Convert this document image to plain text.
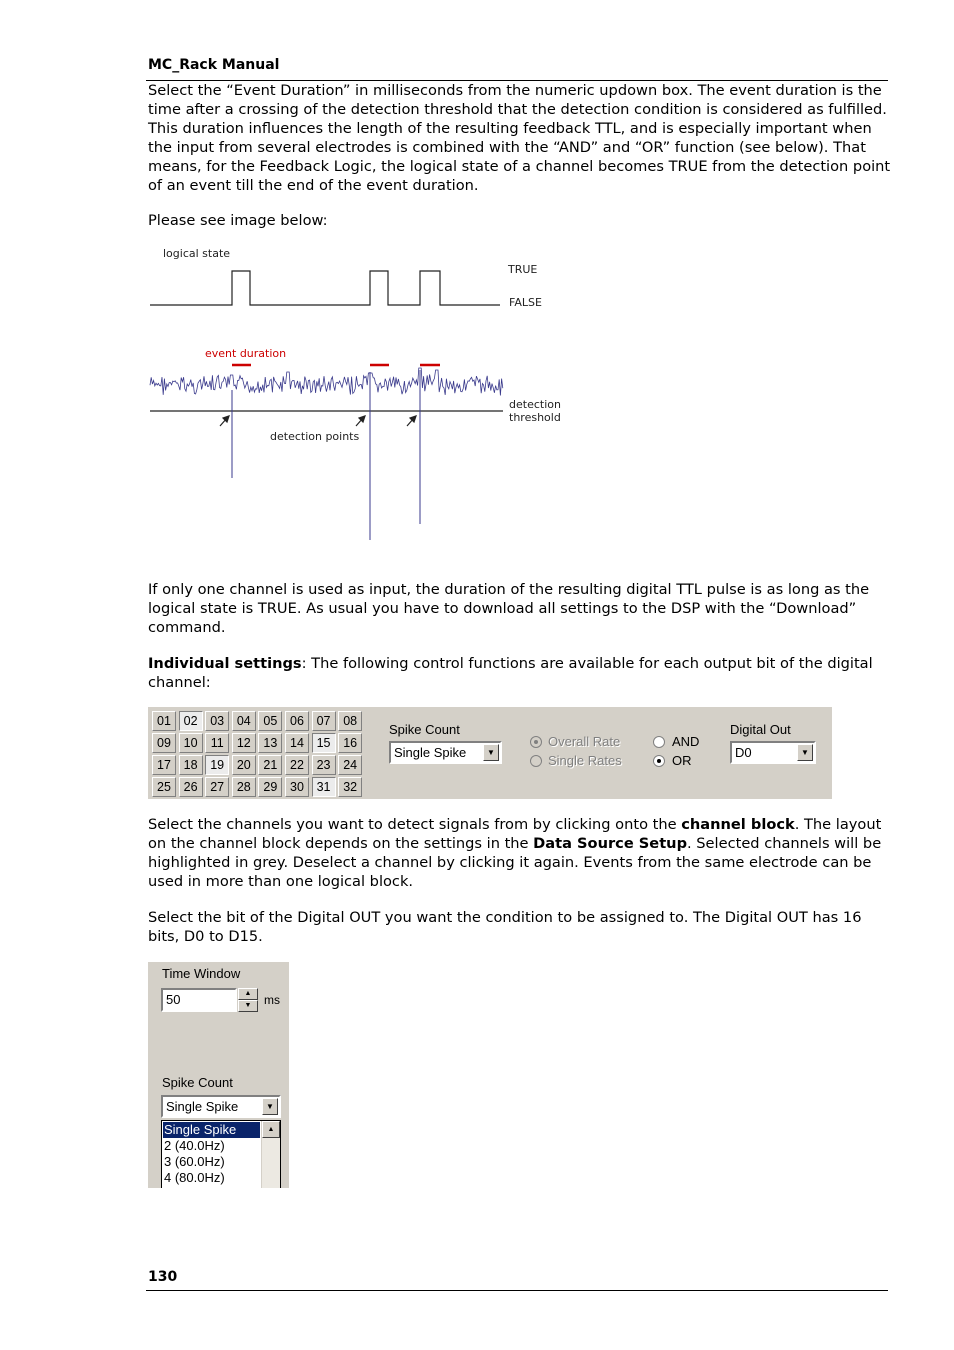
MC_Rack Manual
Select the “Event Duration” in milliseconds from the numeric updown box. The event duration is the time after a crossing of the detection threshold that the detection condition is considered as fulfilled. This duration influences the length of the resulting feedback TTL, and is especially important when the input from several electrodes is combined with the “AND” and “OR” function (see below). That means, for the Feedback Logic, the logical state of a channel becomes TRUE from the detection point of an event till the end of the event duration.
Please see image below:
logical state
TRUE
FALSE
event duration
detection
threshold
detection points
If only one channel is used as input, the duration of the resulting digital TTL pulse is as long as the logical state is TRUE. As usual you have to download all settings to the DSP with the “Download” command.
Individual settings: The following control functions are available for each output bit of the digital channel:
01	02	03	04	05	06	07	08
09	10	11	12	13	14	15	16
17	18	19	20	21	22	23	24
25	26	27	28	29	30	31	32
Spike Count
Single Spike	▼
Overall Rate
Single Rates
AND
OR
Digital Out
D0	▼
Select the channels you want to detect signals from by clicking onto the channel block. The layout on the channel block depends on the settings in the Data Source Setup. Selected channels will be highlighted in grey. Deselect a channel by clicking it again. Events from the same electrode can be used in more than one logical block.
Select the bit of the Digital OUT you want the condition to be assigned to. The Digital OUT has 16 bits, D0 to D15.
Time Window
50	▲
▼	ms
Spike Count
Single Spike	▼
Single Spike
2 (40.0Hz)
3 (60.0Hz)
4 (80.0Hz)
▲
130
